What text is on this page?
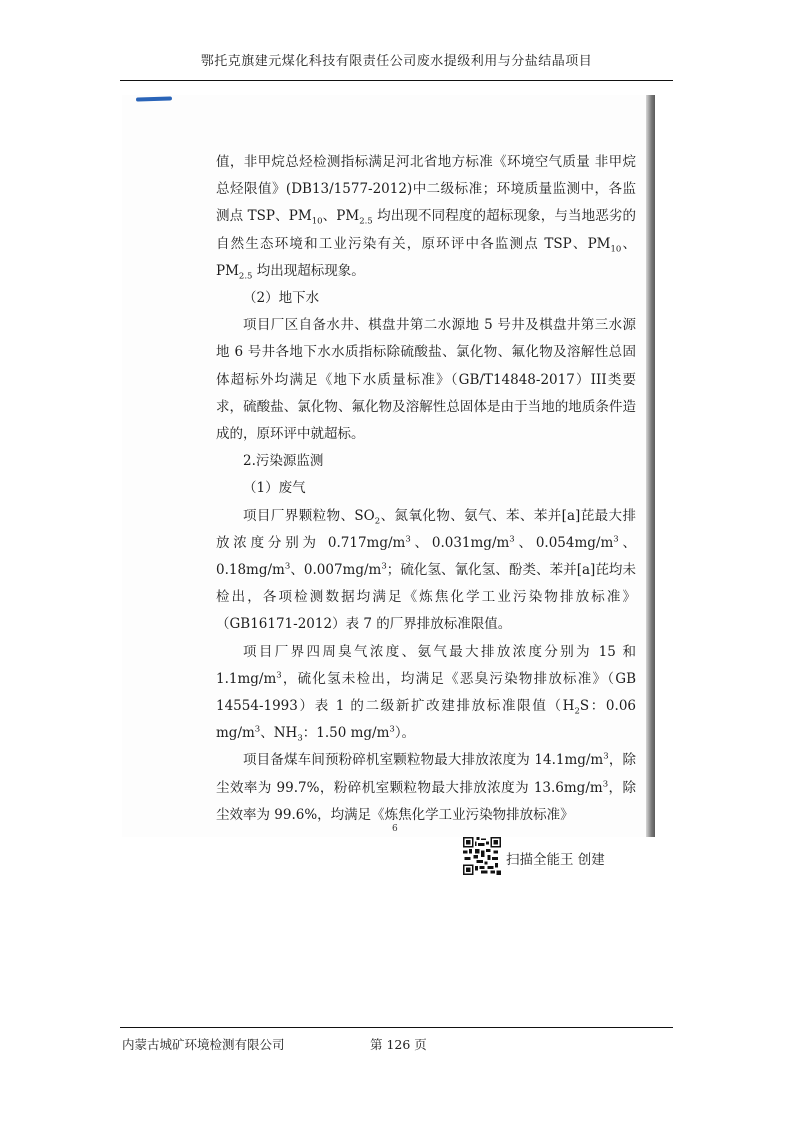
鄂托克旗建元煤化科技有限责任公司废水提级利用与分盐结晶项目

值，非甲烷总烃检测指标满足河北省地方标准《环境空气质量 非甲烷总烃限值》(DB13/1577-2012)中二级标准；环境质量监测中，各监测点 TSP、$PM_{10}$、$PM_{2.5}$ 均出现不同程度的超标现象，与当地恶劣的自然生态环境和工业污染有关，原环评中各监测点 TSP、$PM_{10}$、$PM_{2.5}$ 均出现超标现象。

（2）地下水

项目厂区自备水井、棋盘井第二水源地 5 号井及棋盘井第三水源地 6 号井各地下水水质指标除硫酸盐、氯化物、氟化物及溶解性总固体超标外均满足《地下水质量标准》（GB/T14848-2017）III类要求，硫酸盐、氯化物、氟化物及溶解性总固体是由于当地的地质条件造成的，原环评中就超标。

2.污染源监测

（1）废气

项目厂界颗粒物、$SO_2$、氮氧化物、氨气、苯、苯并[a]芘最大排放浓度分别为 $0.717mg/m^3$、$0.031mg/m^3$、$0.054mg/m^3$、$0.18mg/m^3$、$0.007mg/m^3$；硫化氢、氰化氢、酚类、苯并[a]芘均未检出，各项检测数据均满足《炼焦化学工业污染物排放标准》（GB16171-2012）表 7 的厂界排放标准限值。

项目厂界四周臭气浓度、氨气最大排放浓度分别为 15 和 $1.1mg/m^3$，硫化氢未检出，均满足《恶臭污染物排放标准》（GB 14554-1993）表 1 的二级新扩改建排放标准限值（$H_2S$：0.06 $mg/m^3$、$NH_3$：1.50 $mg/m^3$）。

项目备煤车间预粉碎机室颗粒物最大排放浓度为 $14.1mg/m^3$，除尘效率为 99.7%，粉碎机室颗粒物最大排放浓度为 $13.6mg/m^3$，除尘效率为 99.6%，均满足《炼焦化学工业污染物排放标准》

6
扫描全能王 创建
内蒙古城矿环境检测有限公司	第 126 页
